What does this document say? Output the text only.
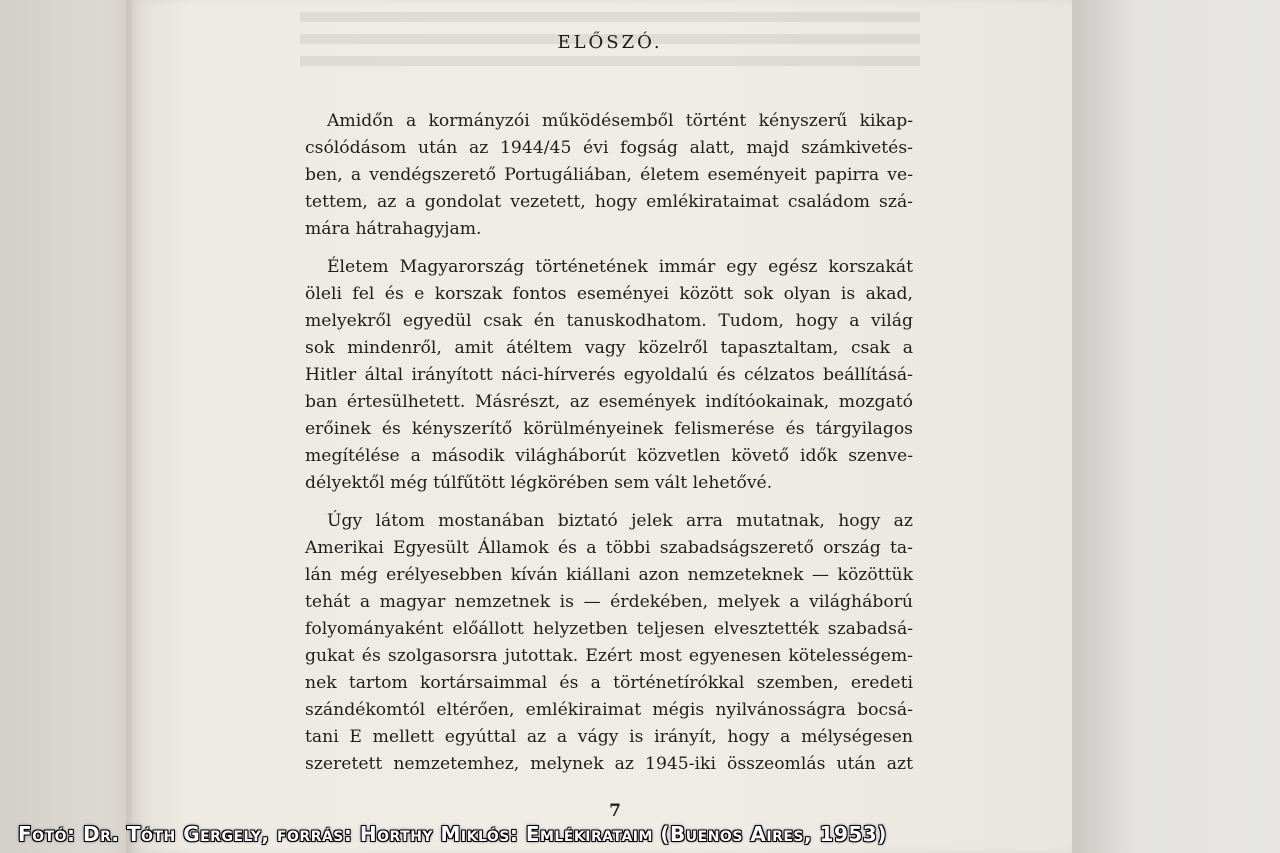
ELŐSZÓ.

Amidőn a kormányzói működésemből történt kényszerű kikap-
csólódásom után az 1944/45 évi fogság alatt, majd számkivetés-
ben, a vendégszerető Portugáliában, életem eseményeit papirra ve-
tettem, az a gondolat vezetett, hogy emlékirataimat családom szá-
mára hátrahagyjam.

Életem Magyarország történetének immár egy egész korszakát
öleli fel és e korszak fontos eseményei között sok olyan is akad,
melyekről egyedül csak én tanuskodhatom. Tudom, hogy a világ
sok mindenről, amit átéltem vagy közelről tapasztaltam, csak a
Hitler által irányított náci-hírverés egyoldalú és célzatos beállításá-
ban értesülhetett. Másrészt, az események indítóokainak, mozgató
erőinek és kényszerítő körülményeinek felismerése és tárgyilagos
megítélése a második világháborút közvetlen követő idők szenve-
délyektől még túlfűtött légkörében sem vált lehetővé.

Úgy látom mostanában biztató jelek arra mutatnak, hogy az
Amerikai Egyesült Államok és a többi szabadságszerető ország ta-
lán még erélyesebben kíván kiállani azon nemzeteknek — közöttük
tehát a magyar nemzetnek is — érdekében, melyek a világháború
folyományaként előállott helyzetben teljesen elvesztették szabadsá-
gukat és szolgasorsra jutottak. Ezért most egyenesen kötelességem-
nek tartom kortársaimmal és a történetírókkal szemben, eredeti
szándékomtól eltérően, emlékiraimat mégis nyilvánosságra bocsá-
tani E mellett egyúttal az a vágy is irányít, hogy a mélységesen
szeretett nemzetemhez, melynek az 1945-iki összeomlás után azt

7
Fotó: Dr. Tóth Gergely, forrás: Horthy Miklós: Emlékirataim (Buenos Aires, 1953)
